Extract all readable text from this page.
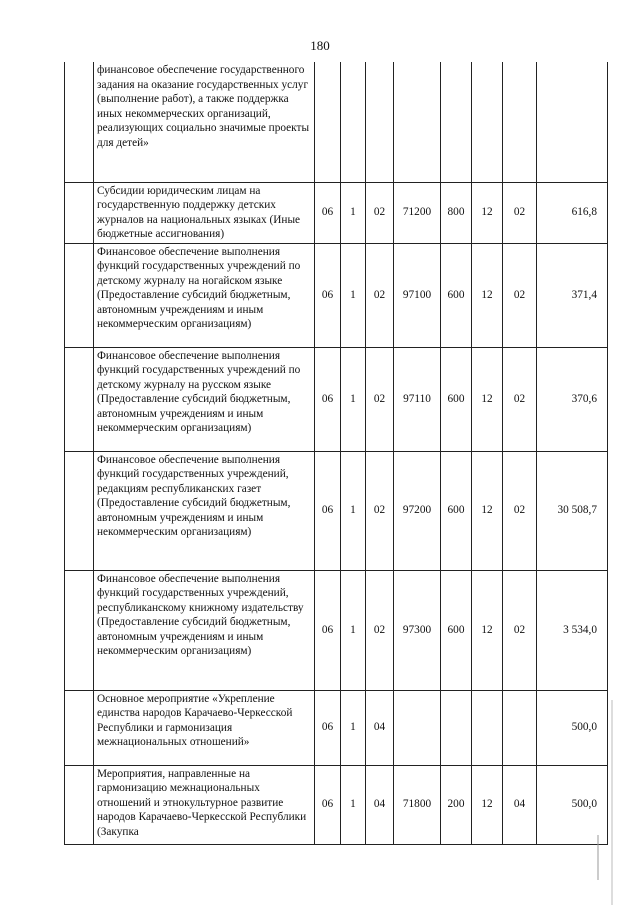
180
	финансовое обеспечение государственного задания на оказание государственных услуг (выполнение работ), а также поддержка иных некоммерческих организаций, реализующих социально значимые проекты для детей»								
	Субсидии юридическим лицам на государственную поддержку детских журналов на национальных языках (Иные бюджетные ассигнования)	06	1	02	71200	800	12	02	616,8
	Финансовое обеспечение выполнения функций государственных учреждений по детскому журналу на ногайском языке (Предоставление субсидий бюджетным, автономным учреждениям и иным некоммерческим организациям)	06	1	02	97100	600	12	02	371,4
	Финансовое обеспечение выполнения функций государственных учреждений по детскому журналу на русском языке (Предоставление субсидий бюджетным, автономным учреждениям и иным некоммерческим организациям)	06	1	02	97110	600	12	02	370,6
	Финансовое обеспечение выполнения функций государственных учреждений, редакциям республиканских газет (Предоставление субсидий бюджетным, автономным учреждениям и иным некоммерческим организациям)	06	1	02	97200	600	12	02	30 508,7
	Финансовое обеспечение выполнения функций государственных учреждений, республиканскому книжному издательству (Предоставление субсидий бюджетным, автономным учреждениям и иным некоммерческим организациям)	06	1	02	97300	600	12	02	3 534,0
	Основное мероприятие «Укрепление единства народов Карачаево-Черкесской Республики и гармонизация межнациональных отношений»	06	1	04					500,0
	Мероприятия, направленные на гармонизацию межнациональных отношений и этнокультурное развитие народов Карачаево-Черкесской Республики (Закупка	06	1	04	71800	200	12	04	500,0
